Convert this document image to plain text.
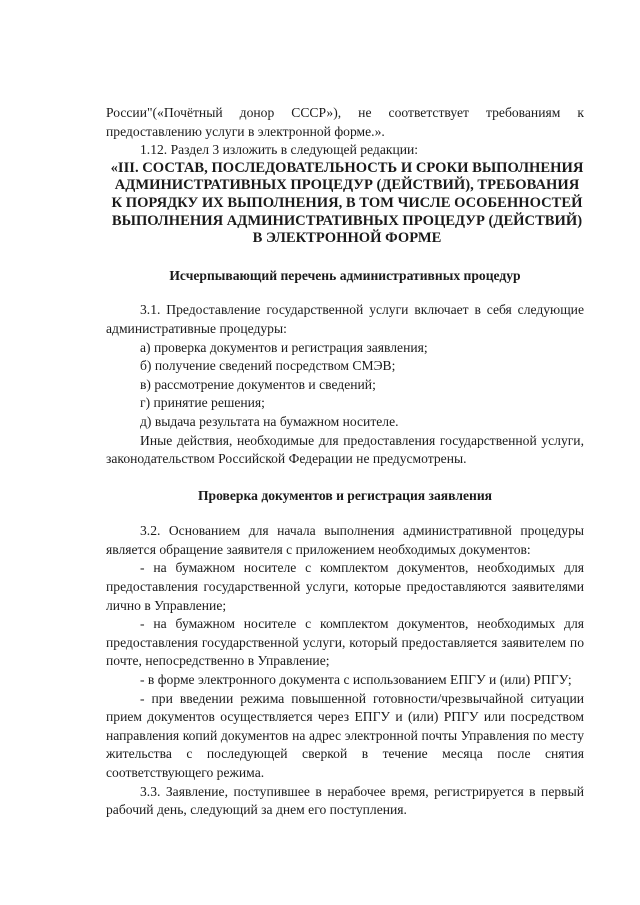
России"(«Почётный донор СССР»), не соответствует требованиям к предоставлению услуги в электронной форме.».

1.12. Раздел 3 изложить в следующей редакции:

«III. СОСТАВ, ПОСЛЕДОВАТЕЛЬНОСТЬ И СРОКИ ВЫПОЛНЕНИЯ АДМИНИСТРАТИВНЫХ ПРОЦЕДУР (ДЕЙСТВИЙ), ТРЕБОВАНИЯ К ПОРЯДКУ ИХ ВЫПОЛНЕНИЯ, В ТОМ ЧИСЛЕ ОСОБЕННОСТЕЙ ВЫПОЛНЕНИЯ АДМИНИСТРАТИВНЫХ ПРОЦЕДУР (ДЕЙСТВИЙ) В ЭЛЕКТРОННОЙ ФОРМЕ

Исчерпывающий перечень административных процедур

3.1. Предоставление государственной услуги включает в себя следующие административные процедуры:

а) проверка документов и регистрация заявления;

б) получение сведений посредством СМЭВ;

в) рассмотрение документов и сведений;

г) принятие решения;

д) выдача результата на бумажном носителе.

Иные действия, необходимые для предоставления государственной услуги, законодательством Российской Федерации не предусмотрены.

Проверка документов и регистрация заявления

3.2. Основанием для начала выполнения административной процедуры является обращение заявителя с приложением необходимых документов:

- на бумажном носителе с комплектом документов, необходимых для предоставления государственной услуги, которые предоставляются заявителями лично в Управление;

- на бумажном носителе с комплектом документов, необходимых для предоставления государственной услуги, который предоставляется заявителем по почте, непосредственно в Управление;

- в форме электронного документа с использованием ЕПГУ и (или) РПГУ;

- при введении режима повышенной готовности/чрезвычайной ситуации прием документов осуществляется через ЕПГУ и (или) РПГУ или посредством направления копий документов на адрес электронной почты Управления по месту жительства с последующей сверкой в течение месяца после снятия соответствующего режима.

3.3. Заявление, поступившее в нерабочее время, регистрируется в первый рабочий день, следующий за днем его поступления.
